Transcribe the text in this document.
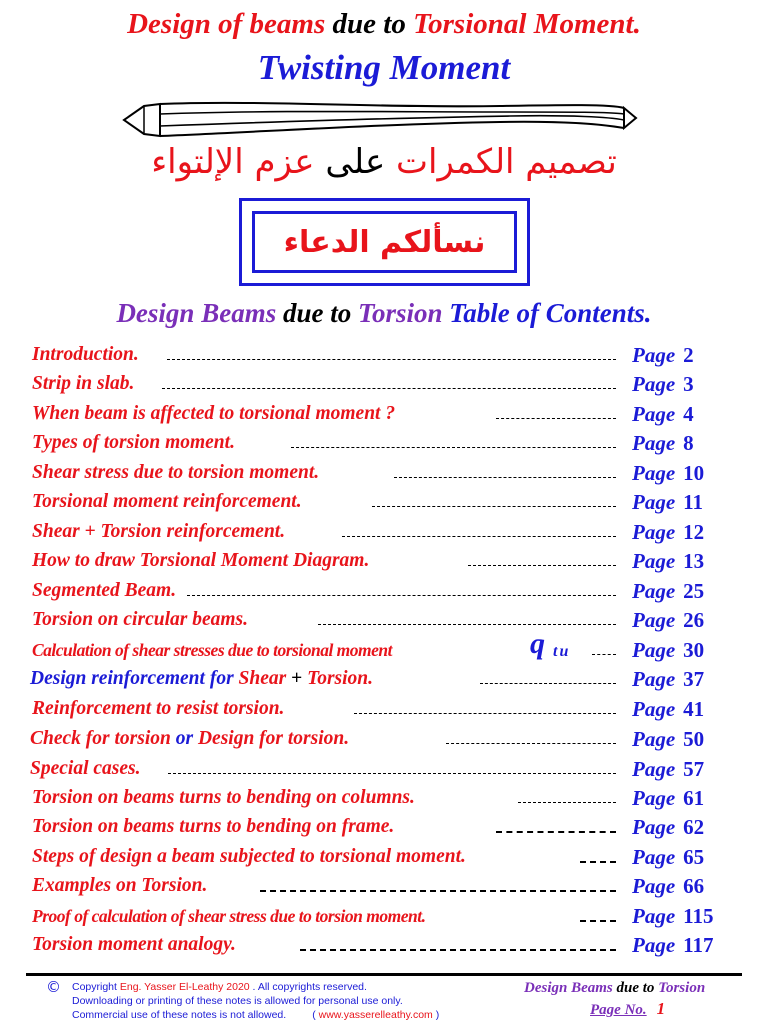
Design of beams due to Torsional Moment.
Twisting Moment
تصميم الكمرات على عزم الإلتواء
نسألكم الدعاء
Design Beams due to Torsion Table of Contents.
Introduction.	Page 2
Strip in slab.	Page 3
When beam is affected to torsional moment ?	Page 4
Types of torsion moment.	Page 8
Shear stress due to torsion moment.	Page 10
Torsional moment reinforcement.	Page 11
Shear + Torsion reinforcement.	Page 12
How to draw Torsional Moment Diagram.	Page 13
Segmented Beam.	Page 25
Torsion on circular beams.	Page 26
Calculation of shear stresses due to torsional moment	q tu	Page 30
Design reinforcement for Shear + Torsion.	Page 37
Reinforcement to resist torsion.	Page 41
Check for torsion or Design for torsion.	Page 50
Special cases.	Page 57
Torsion on beams turns to bending on columns.	Page 61
Torsion on beams turns to bending on frame.	Page 62
Steps of design a beam subjected to torsional moment.	Page 65
Examples on Torsion.	Page 66
Proof of calculation of shear stress due to torsion moment.	Page 115
Torsion moment analogy.	Page 117
© Copyright Eng. Yasser El-Leathy 2020 . All copyrights reserved.
Downloading or printing of these notes is allowed for personal use only.
Commercial use of these notes is not allowed. ( www.yasserelleathy.com )
Design Beams due to Torsion
Page No. 1
